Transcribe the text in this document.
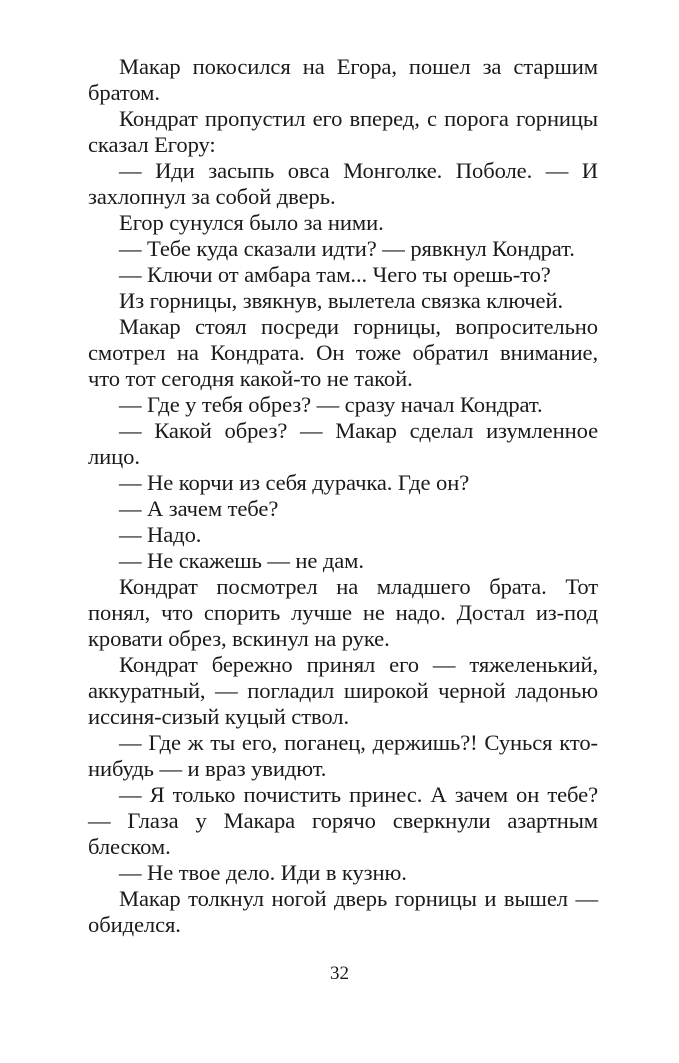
Макар покосился на Егора, пошел за старшим братом.

Кондрат пропустил его вперед, с порога горницы сказал Егору:

— Иди засыпь овса Монголке. Поболе. — И захлопнул за собой дверь.

Егор сунулся было за ними.

— Тебе куда сказали идти? — рявкнул Кондрат.

— Ключи от амбара там... Чего ты орешь-то?

Из горницы, звякнув, вылетела связка ключей.

Макар стоял посреди горницы, вопросительно смотрел на Кондрата. Он тоже обратил внимание, что тот сегодня какой-то не такой.

— Где у тебя обрез? — сразу начал Кондрат.

— Какой обрез? — Макар сделал изумленное лицо.

— Не корчи из себя дурачка. Где он?

— А зачем тебе?

— Надо.

— Не скажешь — не дам.

Кондрат посмотрел на младшего брата. Тот понял, что спорить лучше не надо. Достал из-под кровати обрез, вскинул на руке.

Кондрат бережно принял его — тяжеленький, аккуратный, — погладил широкой черной ладонью иссиня-сизый куцый ствол.

— Где ж ты его, поганец, держишь?! Сунься кто-нибудь — и враз увидют.

— Я только почистить принес. А зачем он тебе? — Глаза у Макара горячо сверкнули азартным блеском.

— Не твое дело. Иди в кузню.

Макар толкнул ногой дверь горницы и вышел — обиделся.

32
